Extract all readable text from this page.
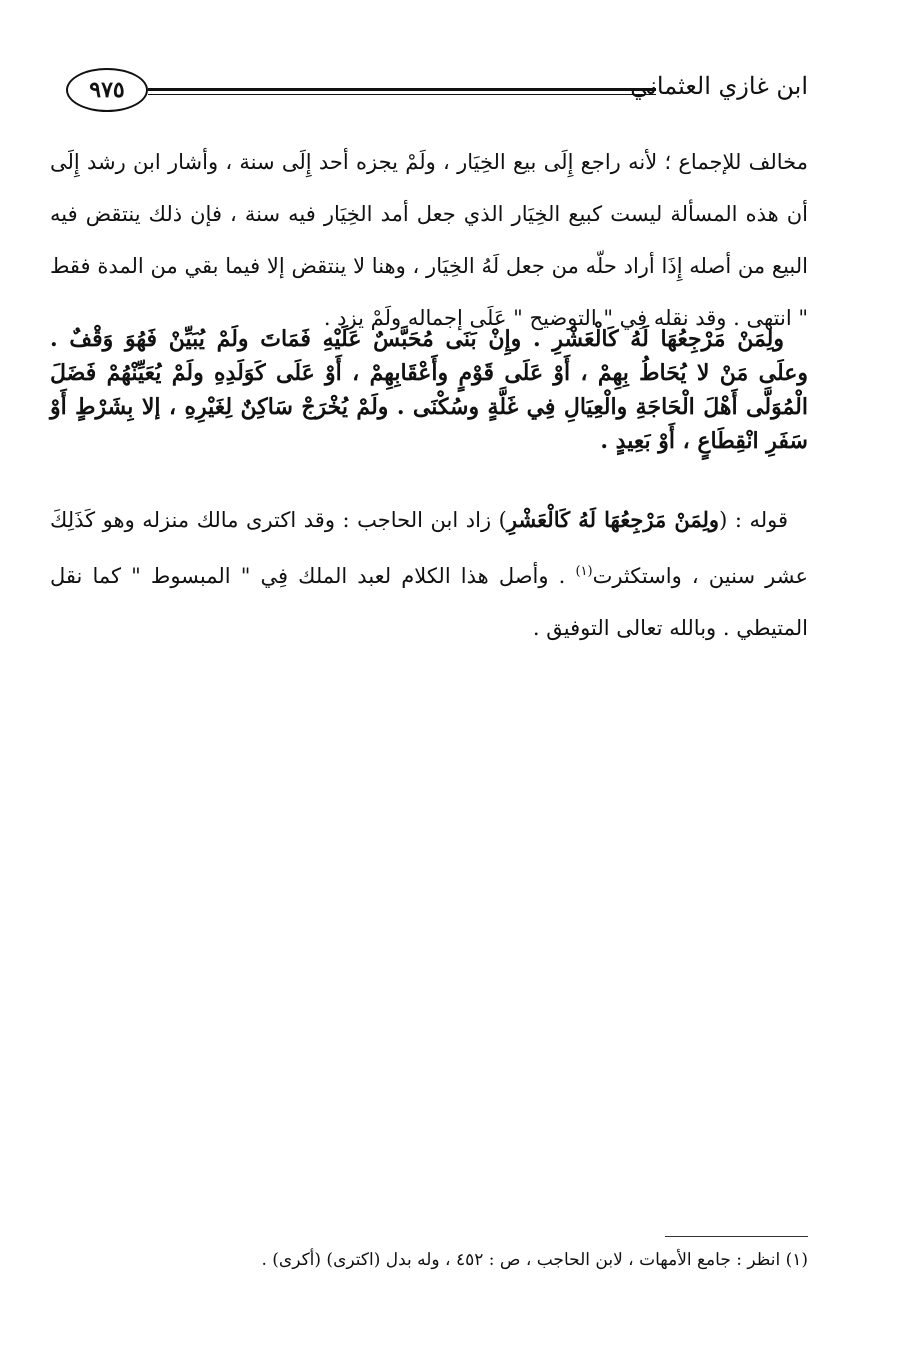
٩٧٥	ابن غازي العثماني

مخالف للإجماع ؛ لأنه راجع إِلَى بيع الخِيَار ، ولَمْ يجزه أحد إِلَى سنة ، وأشار ابن رشد إِلَى أن هذه المسألة ليست كبيع الخِيَار الذي جعل أمد الخِيَار فيه سنة ، فإن ذلك ينتقض فيه البيع من أصله إِذَا أراد حلّه من جعل لَهُ الخِيَار ، وهنا لا ينتقض إلا فيما بقي من المدة فقط " انتهى . وقد نقله فِي " التوضيح " عَلَى إجماله ولَمْ يزد .

ولِمَنْ مَرْجِعُهَا لَهُ كَالْعَشْرِ . وإِنْ بَنَى مُحَبَّسٌ عَلَيْهِ فَمَاتَ ولَمْ يُبَيِّنْ فَهُوَ وَقْفٌ . وعلَى مَنْ لا يُحَاطُ بِهِمْ ، أَوْ عَلَى قَوْمٍ وأَعْقَابِهِمْ ، أَوْ عَلَى كَوَلَدِهِ ولَمْ يُعَيِّنْهُمْ فَضَلَ الْمُوَلَّى أَهْلَ الْحَاجَةِ والْعِيَالِ فِي غَلَّةٍ وسُكْنَى . ولَمْ يُخْرَجْ سَاكِنٌ لِغَيْرِهِ ، إلا بِشَرْطٍ أَوْ سَفَرِ انْقِطَاعٍ ، أَوْ بَعِيدٍ .

قوله : (ولِمَنْ مَرْجِعُهَا لَهُ كَالْعَشْرِ) زاد ابن الحاجب : وقد اكترى مالك منزله وهو كَذَلِكَ عشر سنين ، واستكثرت$^{(١)}$ . وأصل هذا الكلام لعبد الملك فِي " المبسوط " كما نقل المتيطي . وبالله تعالى التوفيق .

(١) انظر : جامع الأمهات ، لابن الحاجب ، ص : ٤٥٢ ، وله بدل (اكترى) (أكرى) .
